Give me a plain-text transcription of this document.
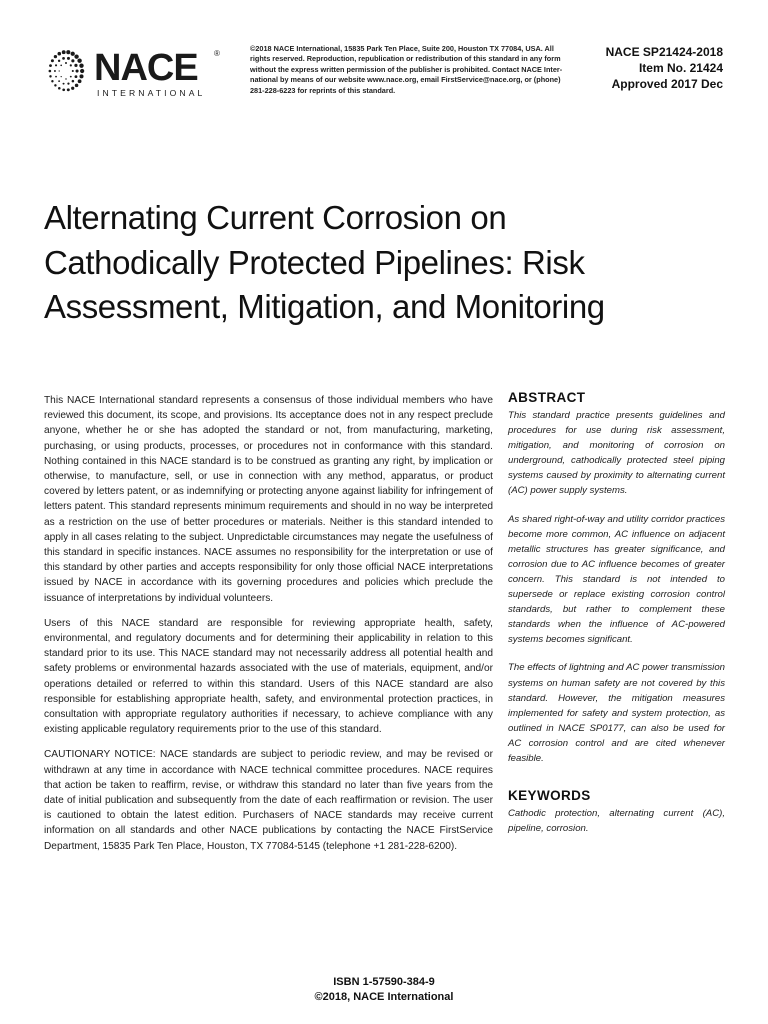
NACE ®
INTERNATIONAL
©2018 NACE International, 15835 Park Ten Place, Suite 200, Houston TX 77084, USA. All
rights reserved. Reproduction, republication or redistribution of this standard in any form
without the express written permission of the publisher is prohibited. Contact NACE Inter-
national by means of our website www.nace.org, email FirstService@nace.org, or (phone)
281-228-6223 for reprints of this standard.
NACE SP21424-2018
Item No. 21424
Approved 2017 Dec
Alternating Current Corrosion on
Cathodically Protected Pipelines: Risk
Assessment, Mitigation, and Monitoring

This NACE International standard represents a consensus of those individual members who have reviewed this document, its scope, and provisions. Its acceptance does not in any respect preclude anyone, whether he or she has adopted the standard or not, from manufacturing, marketing, purchasing, or using products, processes, or procedures not in conformance with this standard. Nothing contained in this NACE standard is to be construed as granting any right, by implication or otherwise, to manufacture, sell, or use in connection with any method, apparatus, or product covered by letters patent, or as indemnifying or protecting anyone against liability for infringement of letters patent. This standard represents minimum requirements and should in no way be interpreted as a restriction on the use of better procedures or materials. Neither is this standard intended to apply in all cases relating to the subject. Unpredictable circumstances may negate the usefulness of this standard in specific instances. NACE assumes no responsibility for the interpretation or use of this standard by other parties and accepts responsibility for only those official NACE interpretations issued by NACE in accordance with its governing procedures and policies which preclude the issuance of interpretations by individual volunteers.

Users of this NACE standard are responsible for reviewing appropriate health, safety, environmental, and regulatory documents and for determining their applicability in relation to this standard prior to its use. This NACE standard may not necessarily address all potential health and safety problems or environmental hazards associated with the use of materials, equipment, and/or operations detailed or referred to within this standard. Users of this NACE standard are also responsible for establishing appropriate health, safety, and environmental protection practices, in consultation with appropriate regulatory authorities if necessary, to achieve compliance with any existing applicable regulatory requirements prior to the use of this standard.

CAUTIONARY NOTICE: NACE standards are subject to periodic review, and may be revised or withdrawn at any time in accordance with NACE technical committee procedures. NACE requires that action be taken to reaffirm, revise, or withdraw this standard no later than five years from the date of initial publication and subsequently from the date of each reaffirmation or revision. The user is cautioned to obtain the latest edition. Purchasers of NACE standards may receive current information on all standards and other NACE publications by contacting the NACE FirstService Department, 15835 Park Ten Place, Houston, TX 77084-5145 (telephone +1 281-228-6200).

ABSTRACT

This standard practice presents guidelines and procedures for use during risk assessment, mitigation, and monitoring of corrosion on underground, cathodically protected steel piping systems caused by proximity to alternating current (AC) power supply systems.

As shared right-of-way and utility corridor practices become more common, AC influence on adjacent metallic structures has greater significance, and corrosion due to AC influence becomes of greater concern. This standard is not intended to supersede or replace existing corrosion control standards, but rather to complement these standards when the influence of AC-powered systems becomes significant.

The effects of lightning and AC power transmission systems on human safety are not covered by this standard. However, the mitigation measures implemented for safety and system protection, as outlined in NACE SP0177, can also be used for AC corrosion control and are cited whenever feasible.

KEYWORDS

Cathodic protection, alternating current (AC), pipeline, corrosion.

ISBN 1-57590-384-9
©2018, NACE International
